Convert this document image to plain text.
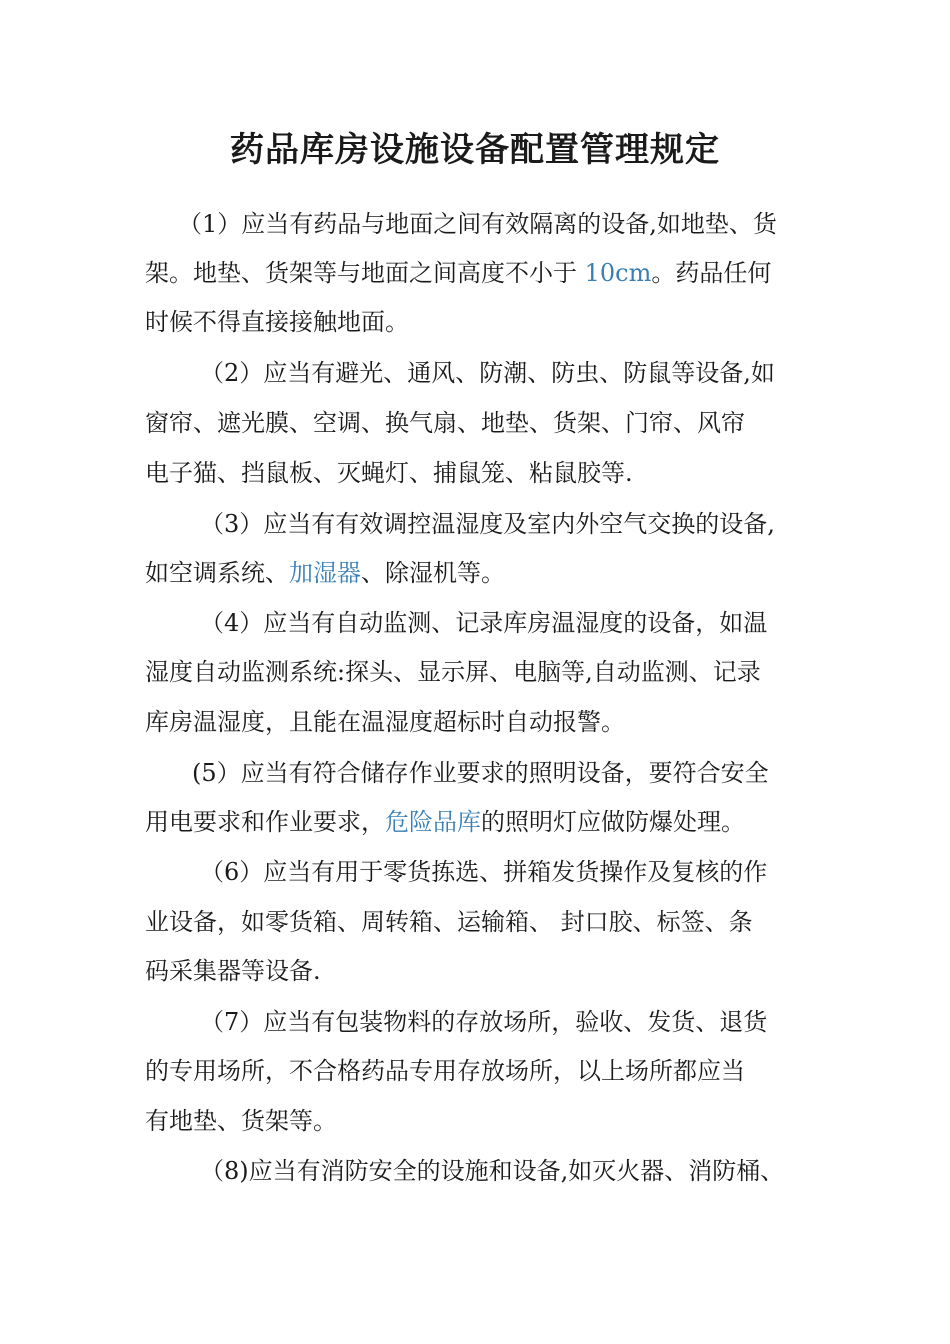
药品库房设施设备配置管理规定
（1）应当有药品与地面之间有效隔离的设备,如地垫、货
架。地垫、货架等与地面之间高度不小于 10cm。药品任何
时候不得直接接触地面。
（2）应当有避光、通风、防潮、防虫、防鼠等设备,如
窗帘、遮光膜、空调、换气扇、地垫、货架、门帘、风帘
电子猫、挡鼠板、灭蝇灯、捕鼠笼、粘鼠胶等.
（3）应当有有效调控温湿度及室内外空气交换的设备,
如空调系统、加湿器、除湿机等。
（4）应当有自动监测、记录库房温湿度的设备，如温
湿度自动监测系统:探头、显示屏、电脑等,自动监测、记录
库房温湿度，且能在温湿度超标时自动报警。
(5）应当有符合储存作业要求的照明设备，要符合安全
用电要求和作业要求，危险品库的照明灯应做防爆处理。
（6）应当有用于零货拣选、拼箱发货操作及复核的作
业设备，如零货箱、周转箱、运输箱、 封口胶、标签、条
码采集器等设备.
（7）应当有包装物料的存放场所，验收、发货、退货
的专用场所，不合格药品专用存放场所，以上场所都应当
有地垫、货架等。
（8)应当有消防安全的设施和设备,如灭火器、消防桶、
